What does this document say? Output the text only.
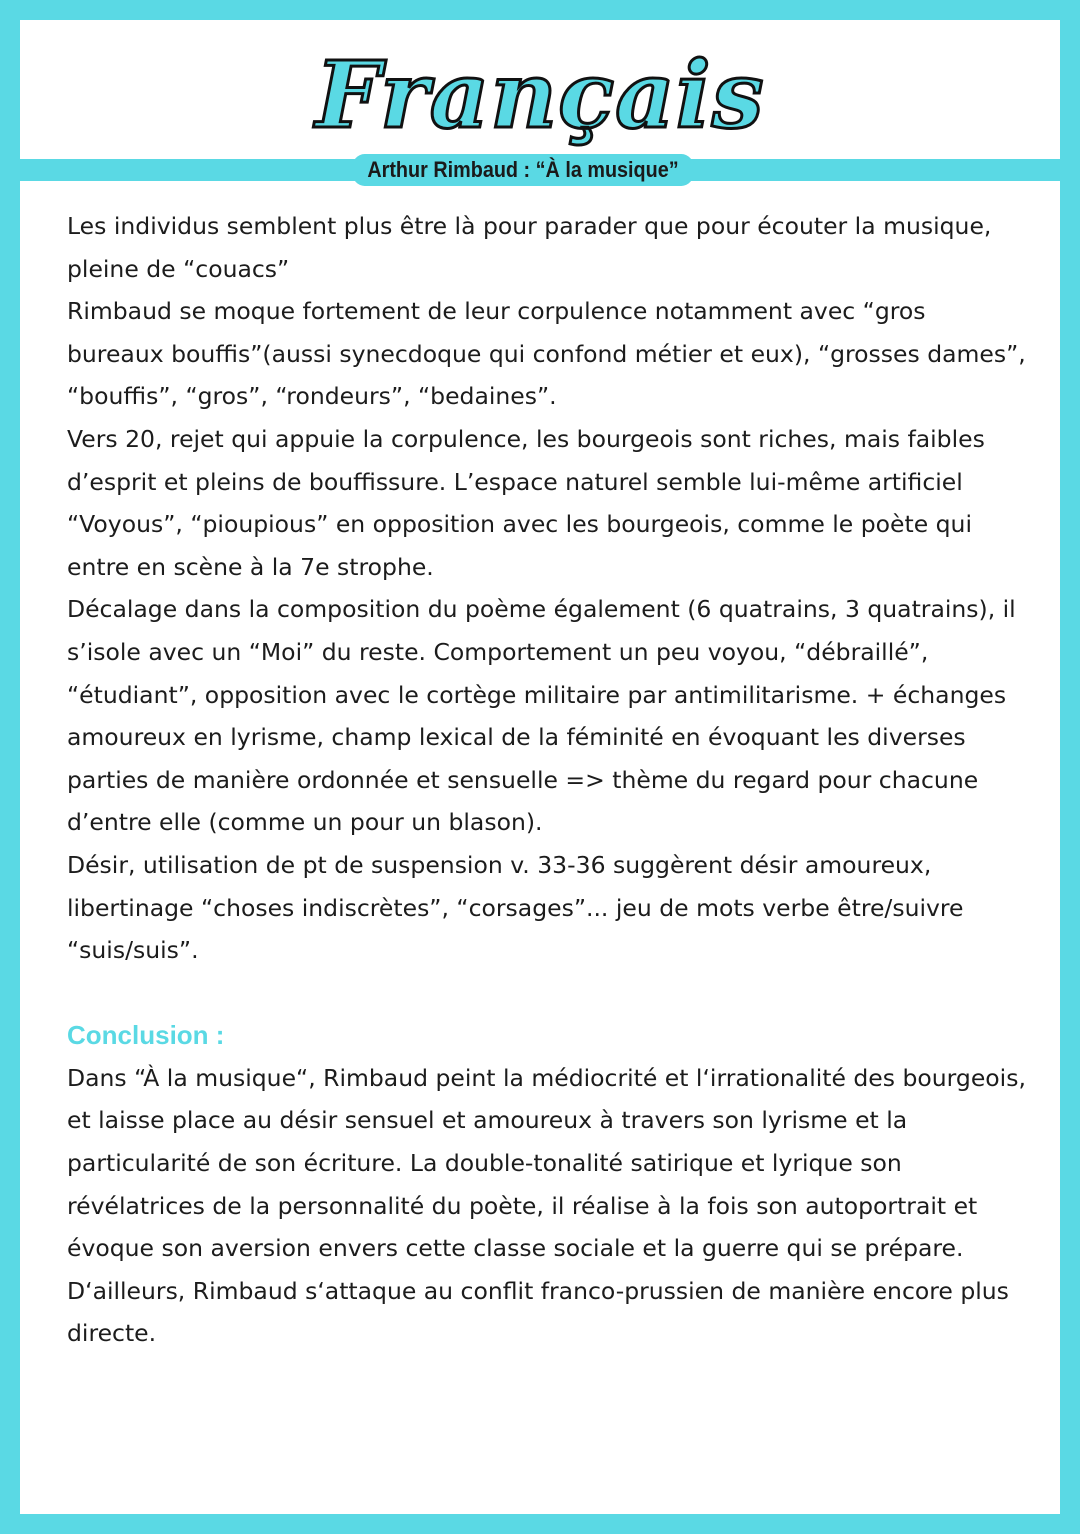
Français
Arthur Rimbaud : “À la musique”

Les individus semblent plus être là pour parader que pour écouter la musique, pleine de “couacs”

Rimbaud se moque fortement de leur corpulence notamment avec “gros bureaux bouffis”(aussi synecdoque qui confond métier et eux), “grosses dames”, “bouffis”, “gros”, “rondeurs”, “bedaines”.

Vers 20, rejet qui appuie la corpulence, les bourgeois sont riches, mais faibles d’esprit et pleins de bouffissure. L’espace naturel semble lui-même artificiel “Voyous”, “pioupious” en opposition avec les bourgeois, comme le poète qui entre en scène à la 7e strophe.

Décalage dans la composition du poème également (6 quatrains, 3 quatrains), il s’isole avec un “Moi” du reste. Comportement un peu voyou, “débraillé”, “étudiant”, opposition avec le cortège militaire par antimilitarisme. + échanges amoureux en lyrisme, champ lexical de la féminité en évoquant les diverses parties de manière ordonnée et sensuelle => thème du regard pour chacune d’entre elle (comme un pour un blason).

Désir, utilisation de pt de suspension v. 33-36 suggèrent désir amoureux, libertinage “choses indiscrètes”, “corsages”... jeu de mots verbe être/suivre “suis/suis”.

Conclusion :

Dans “À la musique“, Rimbaud peint la médiocrité et l‘irrationalité des bourgeois, et laisse place au désir sensuel et amoureux à travers son lyrisme et la particularité de son écriture. La double-tonalité satirique et lyrique son révélatrices de la personnalité du poète, il réalise à la fois son autoportrait et évoque son aversion envers cette classe sociale et la guerre qui se prépare. D‘ailleurs, Rimbaud s‘attaque au conflit franco-prussien de manière encore plus directe.
